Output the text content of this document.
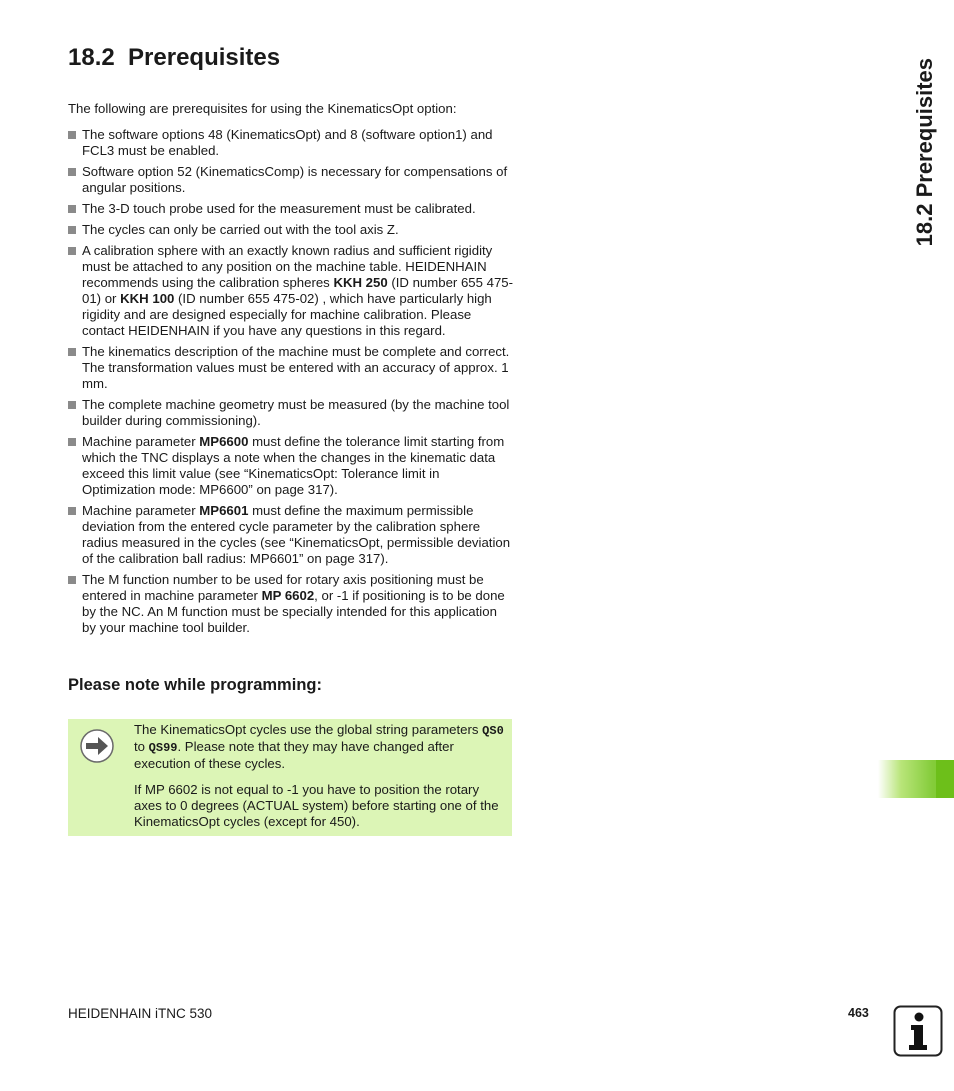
18.2  Prerequisites

The following are prerequisites for using the KinematicsOpt option:

The software options 48 (KinematicsOpt) and 8 (software option1) and FCL3 must be enabled.
Software option 52 (KinematicsComp) is necessary for compensations of angular positions.
The 3-D touch probe used for the measurement must be calibrated.
The cycles can only be carried out with the tool axis Z.
A calibration sphere with an exactly known radius and sufficient rigidity must be attached to any position on the machine table. HEIDENHAIN recommends using the calibration spheres KKH 250 (ID number 655 475-01) or KKH 100 (ID number 655 475-02) , which have particularly high rigidity and are designed especially for machine calibration. Please contact HEIDENHAIN if you have any questions in this regard.
The kinematics description of the machine must be complete and correct. The transformation values must be entered with an accuracy of approx. 1 mm.
The complete machine geometry must be measured (by the machine tool builder during commissioning).
Machine parameter MP6600 must define the tolerance limit starting from which the TNC displays a note when the changes in the kinematic data exceed this limit value (see “KinematicsOpt: Tolerance limit in Optimization mode: MP6600” on page 317).
Machine parameter MP6601 must define the maximum permissible deviation from the entered cycle parameter by the calibration sphere radius measured in the cycles (see “KinematicsOpt, permissible deviation of the calibration ball radius: MP6601” on page 317).
The M function number to be used for rotary axis positioning must be entered in machine parameter MP 6602, or -1 if positioning is to be done by the NC. An M function must be specially intended for this application by your machine tool builder.
Please note while programming:

The KinematicsOpt cycles use the global string parameters QS0 to QS99. Please note that they may have changed after execution of these cycles.

If MP 6602 is not equal to -1 you have to position the rotary axes to 0 degrees (ACTUAL system) before starting one of the KinematicsOpt cycles (except for 450).

18.2 Prerequisites
HEIDENHAIN iTNC 530	463
